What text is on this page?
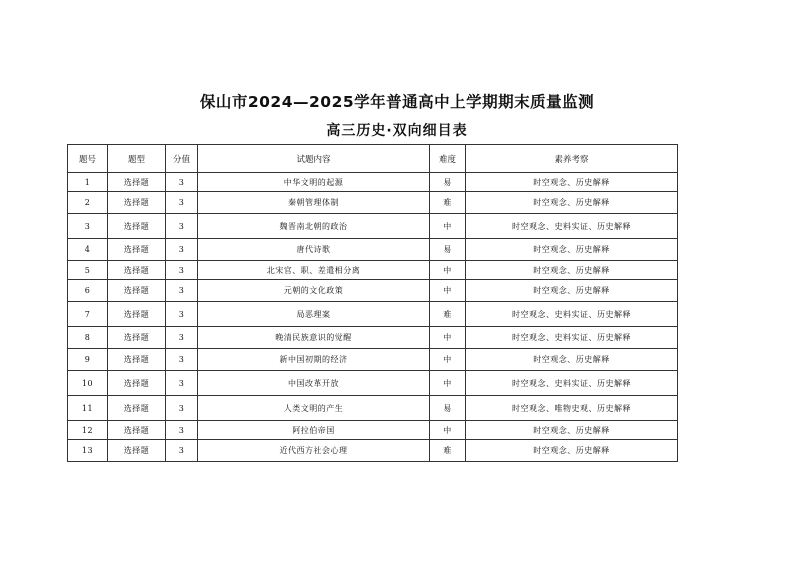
保山市2024—2025学年普通高中上学期期末质量监测
高三历史·双向细目表
题号	题型	分值	试题内容	难度	素养考察
1	选择题	3	中华文明的起源	易	时空观念、历史解释
2	选择题	3	秦朝管理体制	难	时空观念、历史解释
3	选择题	3	魏晋南北朝的政治	中	时空观念、史料实证、历史解释
4	选择题	3	唐代诗歌	易	时空观念、历史解释
5	选择题	3	北宋官、职、差遣相分离	中	时空观念、历史解释
6	选择题	3	元朝的文化政策	中	时空观念、历史解释
7	选择题	3	局恶理案	难	时空观念、史料实证、历史解释
8	选择题	3	晚清民族意识的觉醒	中	时空观念、史料实证、历史解释
9	选择题	3	新中国初期的经济	中	时空观念、历史解释
10	选择题	3	中国改革开放	中	时空观念、史料实证、历史解释
11	选择题	3	人类文明的产生	易	时空观念、唯物史观、历史解释
12	选择题	3	阿拉伯帝国	中	时空观念、历史解释
13	选择题	3	近代西方社会心理	难	时空观念、历史解释
